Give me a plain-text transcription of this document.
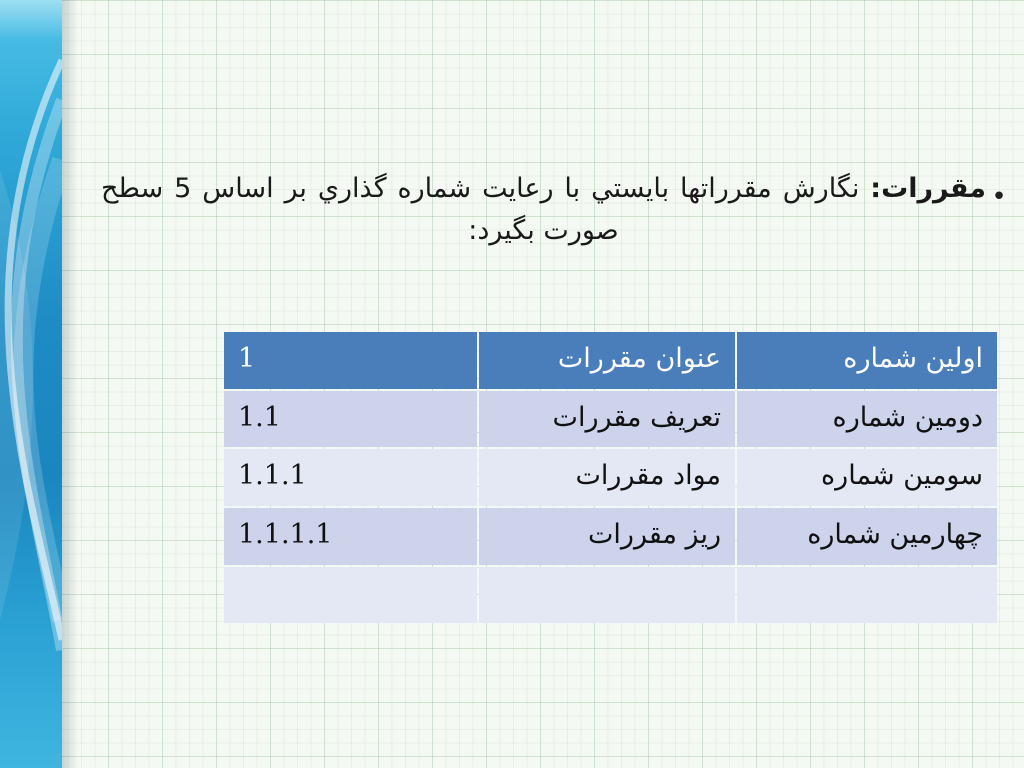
•
مقررات: نگارش مقرراتها بايستي با رعايت شماره گذاري بر اساس 5 سطح صورت بگيرد:
اولین شماره	عنوان مقررات	1
دومین شماره	تعریف مقررات	1.1
سومین شماره	مواد مقررات	1.1.1
چهارمین شماره	ریز مقررات	1.1.1.1
